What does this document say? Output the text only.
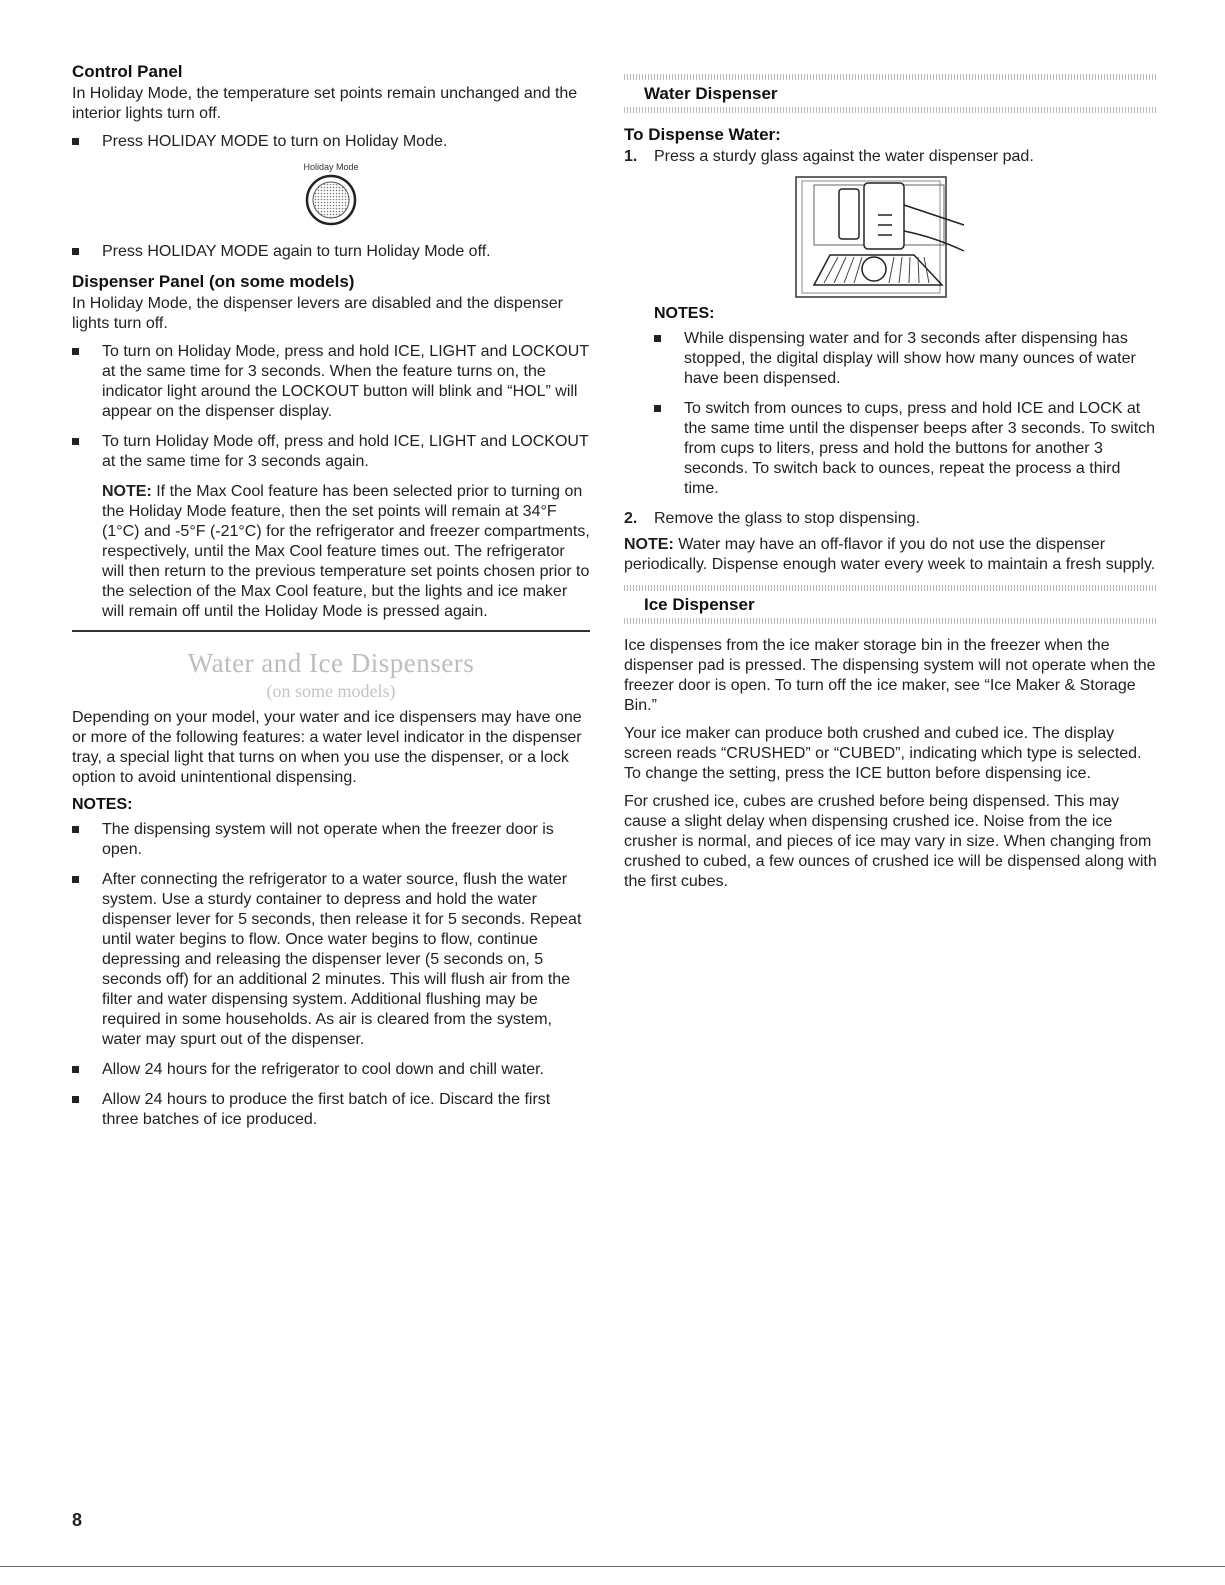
Control Panel

In Holiday Mode, the temperature set points remain unchanged and the interior lights turn off.

Press HOLIDAY MODE to turn on Holiday Mode.
Holiday Mode
Press HOLIDAY MODE again to turn Holiday Mode off.
Dispenser Panel (on some models)

In Holiday Mode, the dispenser levers are disabled and the dispenser lights turn off.

To turn on Holiday Mode, press and hold ICE, LIGHT and LOCKOUT at the same time for 3 seconds. When the feature turns on, the indicator light around the LOCKOUT button will blink and “HOL” will appear on the dispenser display.
To turn Holiday Mode off, press and hold ICE, LIGHT and LOCKOUT at the same time for 3 seconds again.

NOTE: If the Max Cool feature has been selected prior to turning on the Holiday Mode feature, then the set points will remain at 34°F (1°C) and -5°F (-21°C) for the refrigerator and freezer compartments, respectively, until the Max Cool feature times out. The refrigerator will then return to the previous temperature set points chosen prior to the selection of the Max Cool feature, but the lights and ice maker will remain off until the Holiday Mode is pressed again.

Water and Ice Dispensers
(on some models)

Depending on your model, your water and ice dispensers may have one or more of the following features: a water level indicator in the dispenser tray, a special light that turns on when you use the dispenser, or a lock option to avoid unintentional dispensing.

NOTES:
The dispensing system will not operate when the freezer door is open.
After connecting the refrigerator to a water source, flush the water system. Use a sturdy container to depress and hold the water dispenser lever for 5 seconds, then release it for 5 seconds. Repeat until water begins to flow. Once water begins to flow, continue depressing and releasing the dispenser lever (5 seconds on, 5 seconds off) for an additional 2 minutes. This will flush air from the filter and water dispensing system. Additional flushing may be required in some households. As air is cleared from the system, water may spurt out of the dispenser.
Allow 24 hours for the refrigerator to cool down and chill water.
Allow 24 hours to produce the first batch of ice. Discard the first three batches of ice produced.
Water Dispenser
To Dispense Water:
1. Press a sturdy glass against the water dispenser pad.
NOTES:
While dispensing water and for 3 seconds after dispensing has stopped, the digital display will show how many ounces of water have been dispensed.
To switch from ounces to cups, press and hold ICE and LOCK at the same time until the dispenser beeps after 3 seconds. To switch from cups to liters, press and hold the buttons for another 3 seconds. To switch back to ounces, repeat the process a third time.
2. Remove the glass to stop dispensing.

NOTE: Water may have an off-flavor if you do not use the dispenser periodically. Dispense enough water every week to maintain a fresh supply.

Ice Dispenser

Ice dispenses from the ice maker storage bin in the freezer when the dispenser pad is pressed. The dispensing system will not operate when the freezer door is open. To turn off the ice maker, see “Ice Maker & Storage Bin.”

Your ice maker can produce both crushed and cubed ice. The display screen reads “CRUSHED” or “CUBED”, indicating which type is selected. To change the setting, press the ICE button before dispensing ice.

For crushed ice, cubes are crushed before being dispensed. This may cause a slight delay when dispensing crushed ice. Noise from the ice crusher is normal, and pieces of ice may vary in size. When changing from crushed to cubed, a few ounces of crushed ice will be dispensed along with the first cubes.

8
